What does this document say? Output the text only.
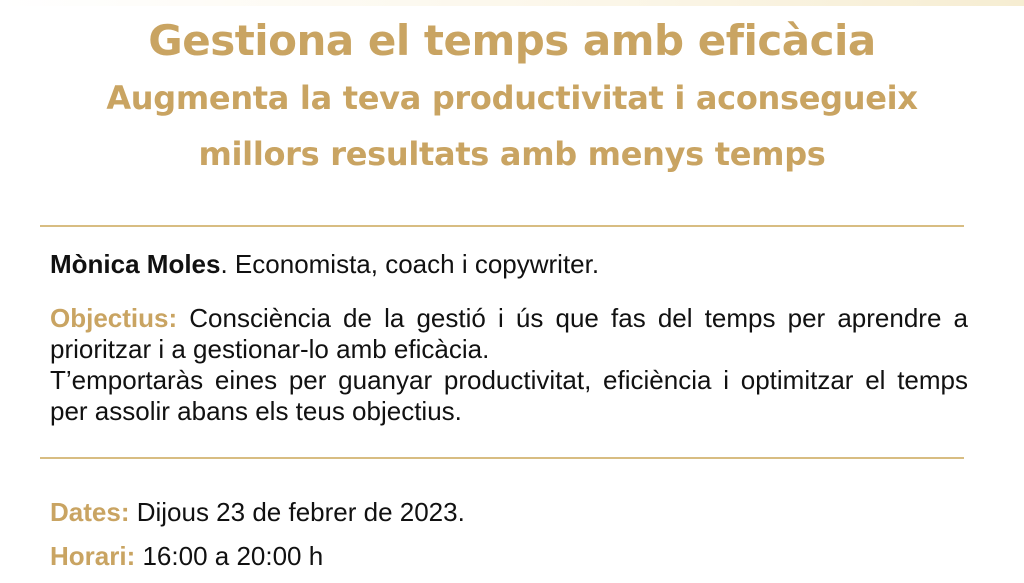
Gestiona el temps amb eficàcia
Augmenta la teva productivitat i aconsegueix millors resultats amb menys temps
Mònica Moles. Economista, coach i copywriter.

Objectius: Consciència de la gestió i ús que fas del temps per aprendre a prioritzar i a gestionar-lo amb eficàcia.

T’emportaràs eines per guanyar productivitat, eficiència i optimitzar el temps per assolir abans els teus objectius.

Dates: Dijous 23 de febrer de 2023.
Horari: 16:00 a 20:00 h
